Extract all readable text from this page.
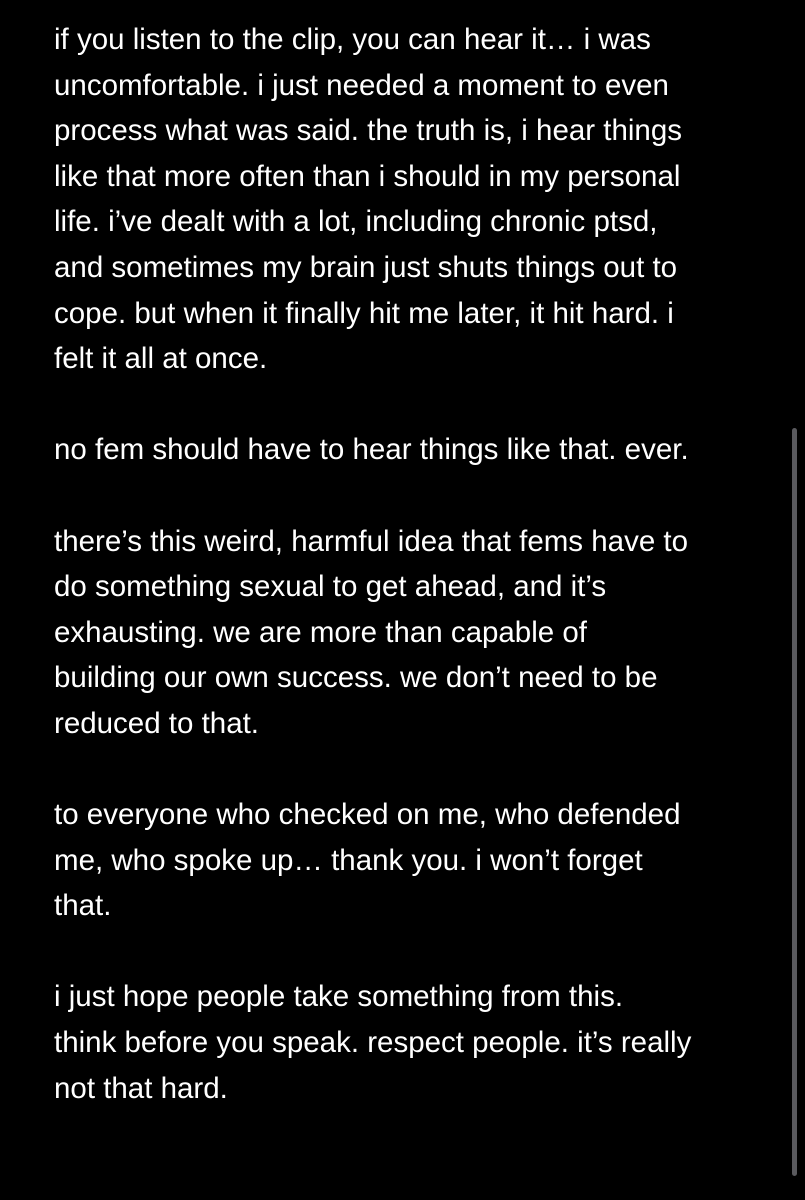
if you listen to the clip, you can hear it… i was
uncomfortable. i just needed a moment to even
process what was said. the truth is, i hear things
like that more often than i should in my personal
life. i’ve dealt with a lot, including chronic ptsd,
and sometimes my brain just shuts things out to
cope. but when it finally hit me later, it hit hard. i
felt it all at once.
no fem should have to hear things like that. ever.
there’s this weird, harmful idea that fems have to
do something sexual to get ahead, and it’s
exhausting. we are more than capable of
building our own success. we don’t need to be
reduced to that.
to everyone who checked on me, who defended
me, who spoke up… thank you. i won’t forget
that.
i just hope people take something from this.
think before you speak. respect people. it’s really
not that hard.
